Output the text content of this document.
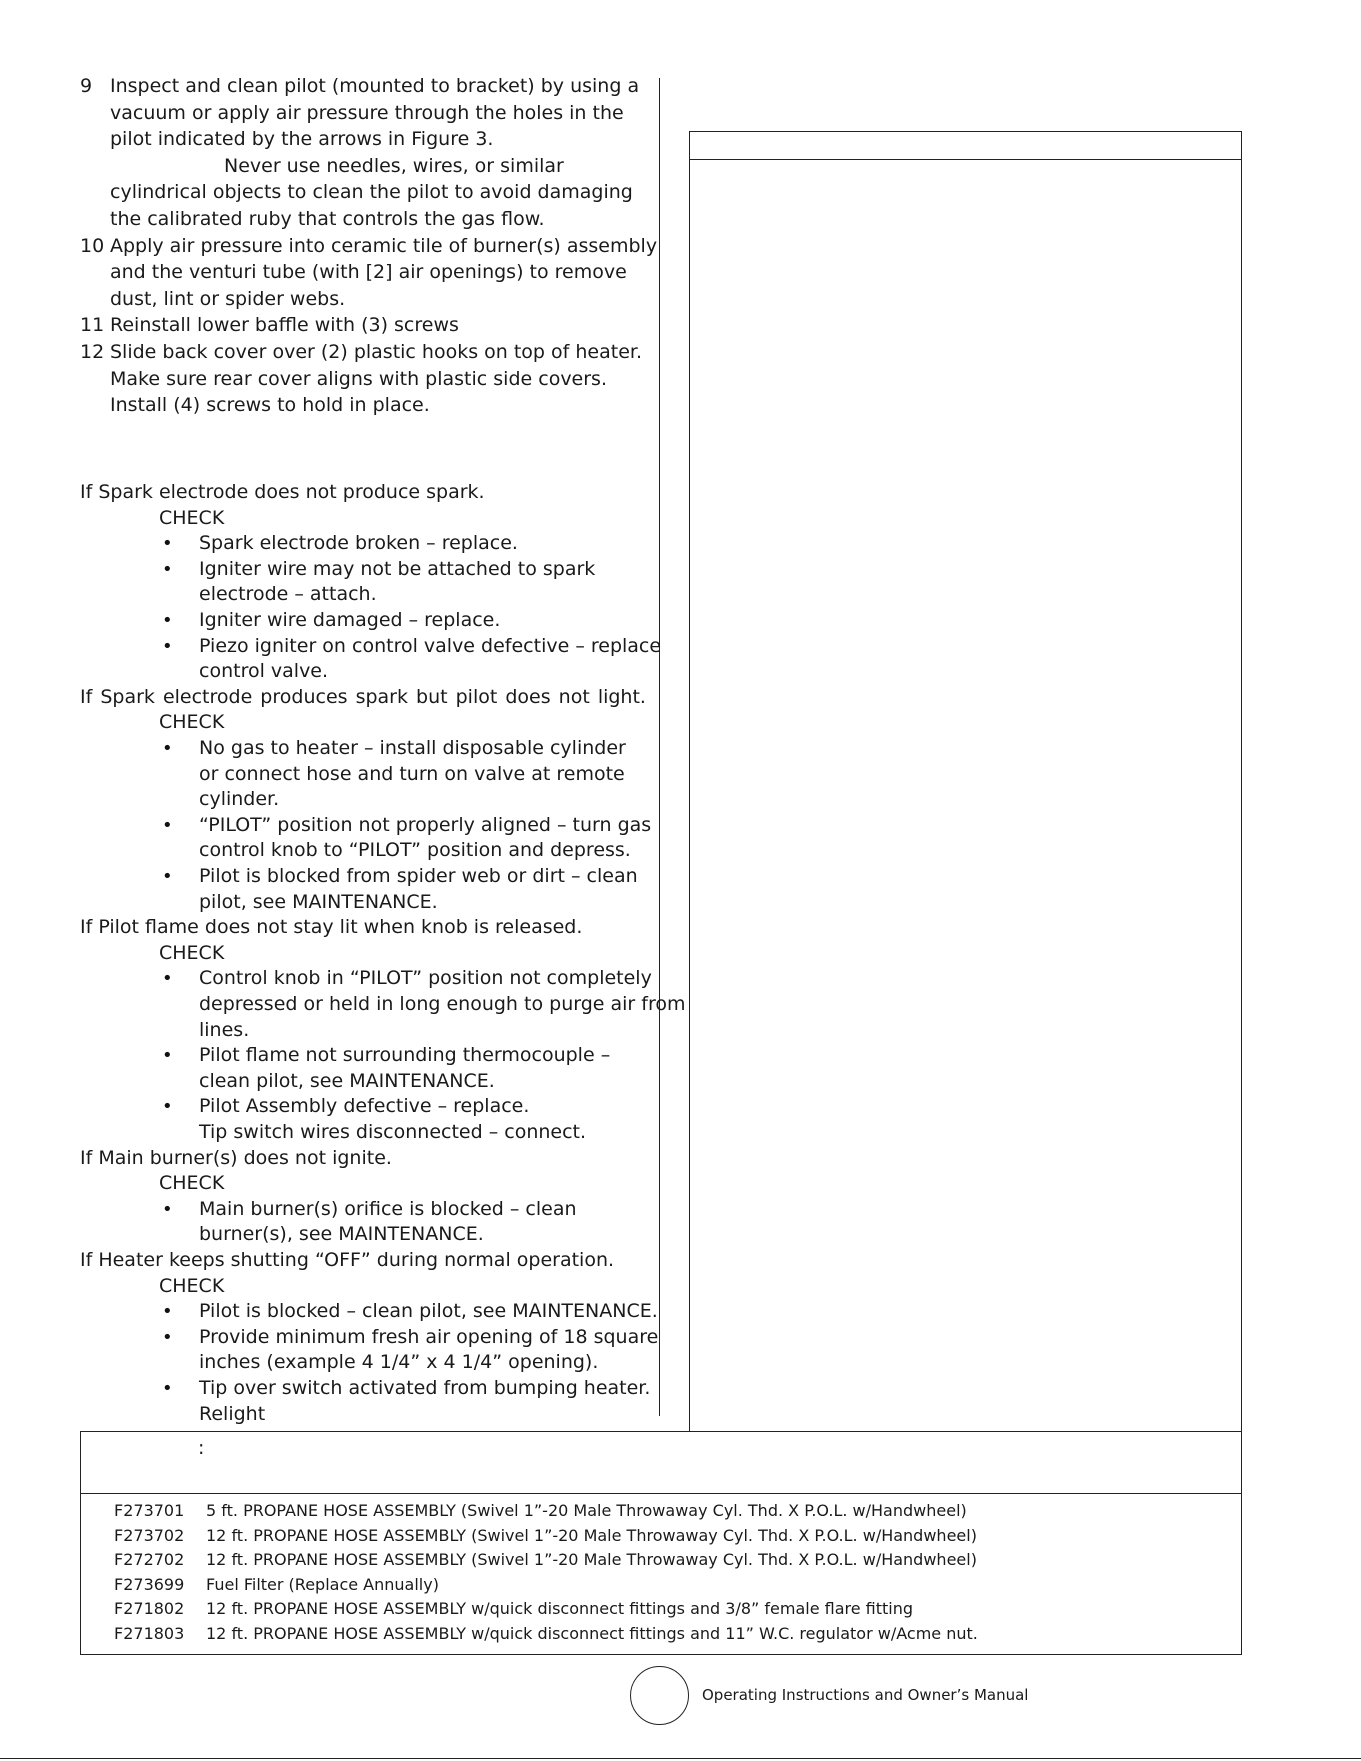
9 Inspect and clean pilot (mounted to bracket) by using a
vacuum or apply air pressure through the holes in the
pilot indicated by the arrows in Figure 3.
Never use needles, wires, or similar
cylindrical objects to clean the pilot to avoid damaging
the calibrated ruby that controls the gas flow.
10 Apply air pressure into ceramic tile of burner(s) assembly
and the venturi tube (with [2] air openings) to remove
dust, lint or spider webs.
11 Reinstall lower baffle with (3) screws
12 Slide back cover over (2) plastic hooks on top of heater.
Make sure rear cover aligns with plastic side covers.
Install (4) screws to hold in place.
If Spark electrode does not produce spark.
CHECK
• Spark electrode broken – replace.
• Igniter wire may not be attached to spark
electrode – attach.
• Igniter wire damaged – replace.
• Piezo igniter on control valve defective – replace
control valve.
If Spark electrode produces spark but pilot does not light.
CHECK
• No gas to heater – install disposable cylinder
or connect hose and turn on valve at remote
cylinder.
• “PILOT” position not properly aligned – turn gas
control knob to “PILOT” position and depress.
• Pilot is blocked from spider web or dirt – clean
pilot, see MAINTENANCE.
If Pilot flame does not stay lit when knob is released.
CHECK
• Control knob in “PILOT” position not completely
depressed or held in long enough to purge air from
lines.
• Pilot flame not surrounding thermocouple –
clean pilot, see MAINTENANCE.
• Pilot Assembly defective – replace.
Tip switch wires disconnected – connect.
If Main burner(s) does not ignite.
CHECK
• Main burner(s) orifice is blocked – clean
burner(s), see MAINTENANCE.
If Heater keeps shutting “OFF” during normal operation.
CHECK
• Pilot is blocked – clean pilot, see MAINTENANCE.
• Provide minimum fresh air opening of 18 square
inches (example 4 1/4” x 4 1/4” opening).
• Tip over switch activated from bumping heater.
Relight
:
F273701 5 ft. PROPANE HOSE ASSEMBLY (Swivel 1”-20 Male Throwaway Cyl. Thd. X P.O.L. w/Handwheel)
F273702 12 ft. PROPANE HOSE ASSEMBLY (Swivel 1”-20 Male Throwaway Cyl. Thd. X P.O.L. w/Handwheel)
F272702 12 ft. PROPANE HOSE ASSEMBLY (Swivel 1”-20 Male Throwaway Cyl. Thd. X P.O.L. w/Handwheel)
F273699 Fuel Filter (Replace Annually)
F271802 12 ft. PROPANE HOSE ASSEMBLY w/quick disconnect fittings and 3/8” female flare fitting
F271803 12 ft. PROPANE HOSE ASSEMBLY w/quick disconnect fittings and 11” W.C. regulator w/Acme nut.
Operating Instructions and Owner’s Manual
